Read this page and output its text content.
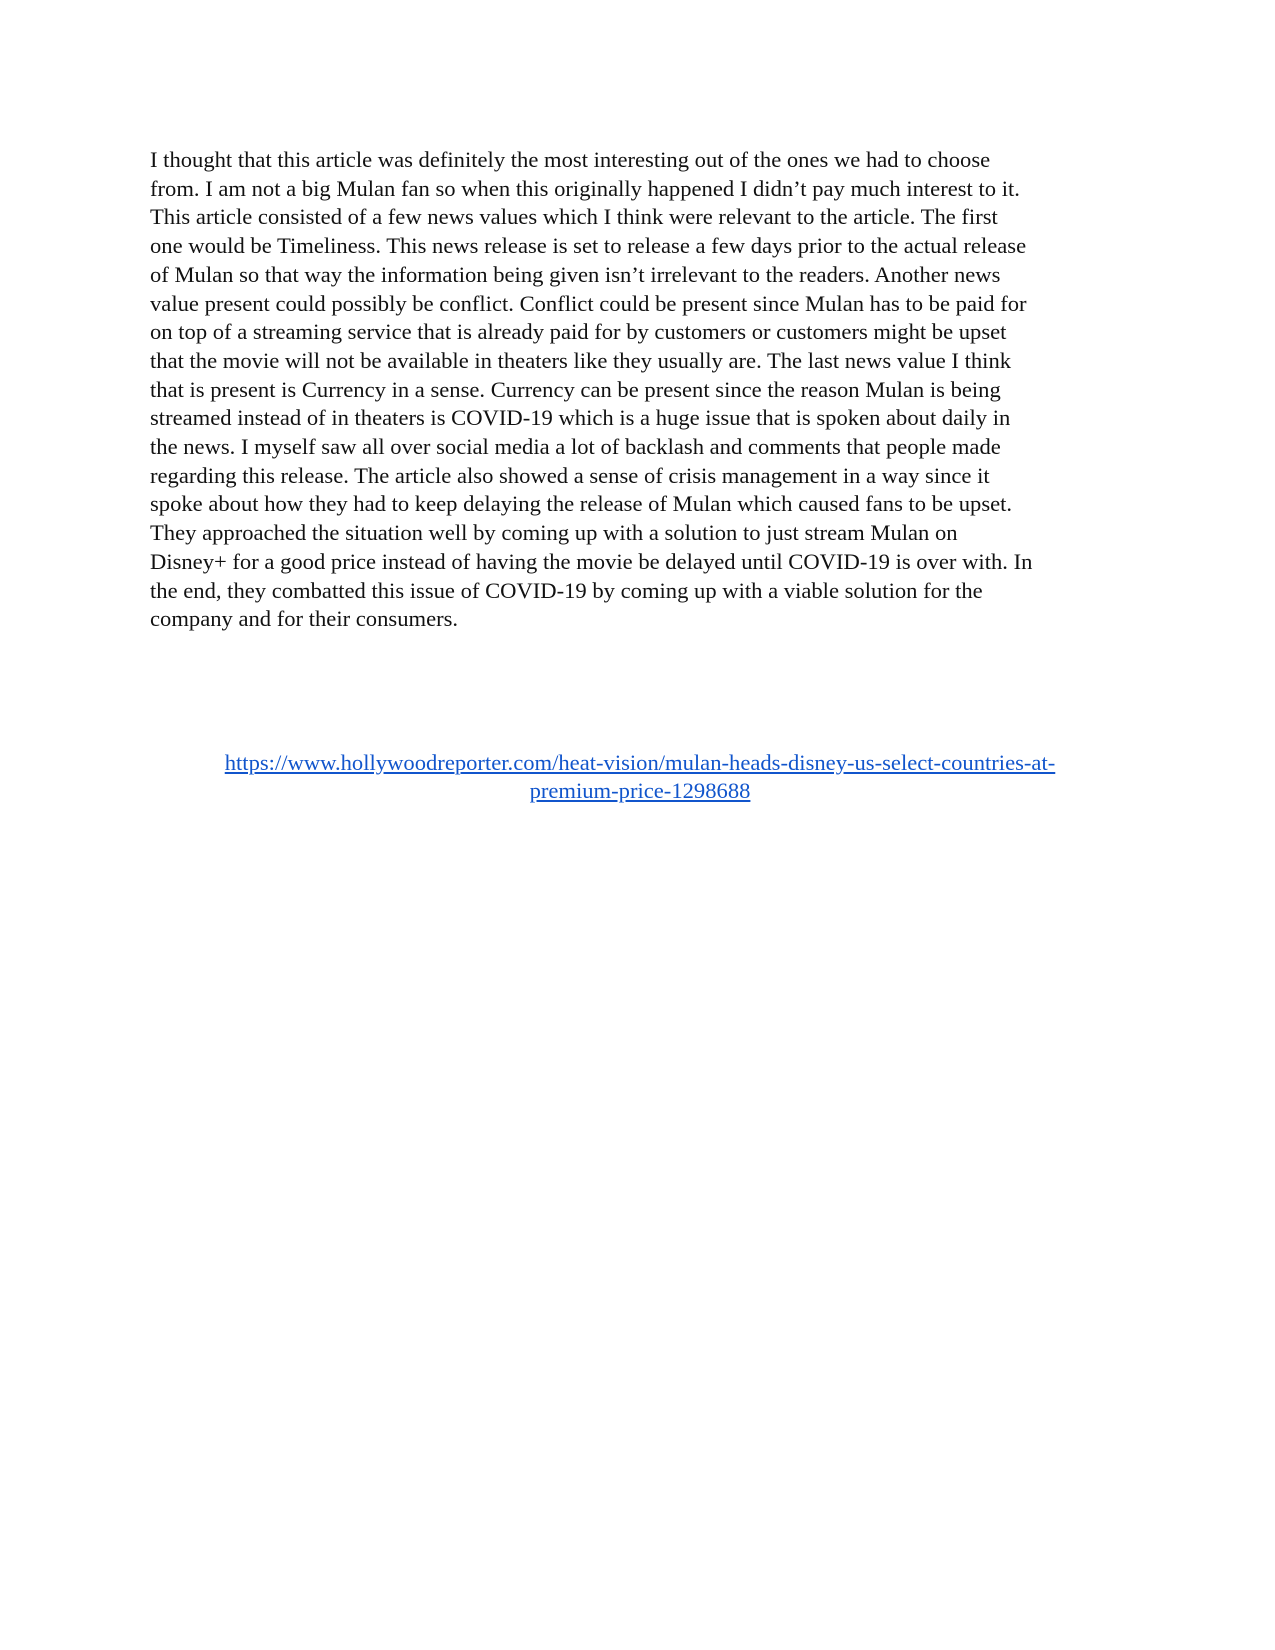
I thought that this article was definitely the most interesting out of the ones we had to choose
from. I am not a big Mulan fan so when this originally happened I didn’t pay much interest to it.
This article consisted of a few news values which I think were relevant to the article. The first
one would be Timeliness. This news release is set to release a few days prior to the actual release
of Mulan so that way the information being given isn’t irrelevant to the readers. Another news
value present could possibly be conflict. Conflict could be present since Mulan has to be paid for
on top of a streaming service that is already paid for by customers or customers might be upset
that the movie will not be available in theaters like they usually are. The last news value I think
that is present is Currency in a sense. Currency can be present since the reason Mulan is being
streamed instead of in theaters is COVID-19 which is a huge issue that is spoken about daily in
the news. I myself saw all over social media a lot of backlash and comments that people made
regarding this release. The article also showed a sense of crisis management in a way since it
spoke about how they had to keep delaying the release of Mulan which caused fans to be upset.
They approached the situation well by coming up with a solution to just stream Mulan on
Disney+ for a good price instead of having the movie be delayed until COVID-19 is over with. In
the end, they combatted this issue of COVID-19 by coming up with a viable solution for the
company and for their consumers.

https://www.hollywoodreporter.com/heat-vision/mulan-heads-disney-us-select-countries-at-
premium-price-1298688
